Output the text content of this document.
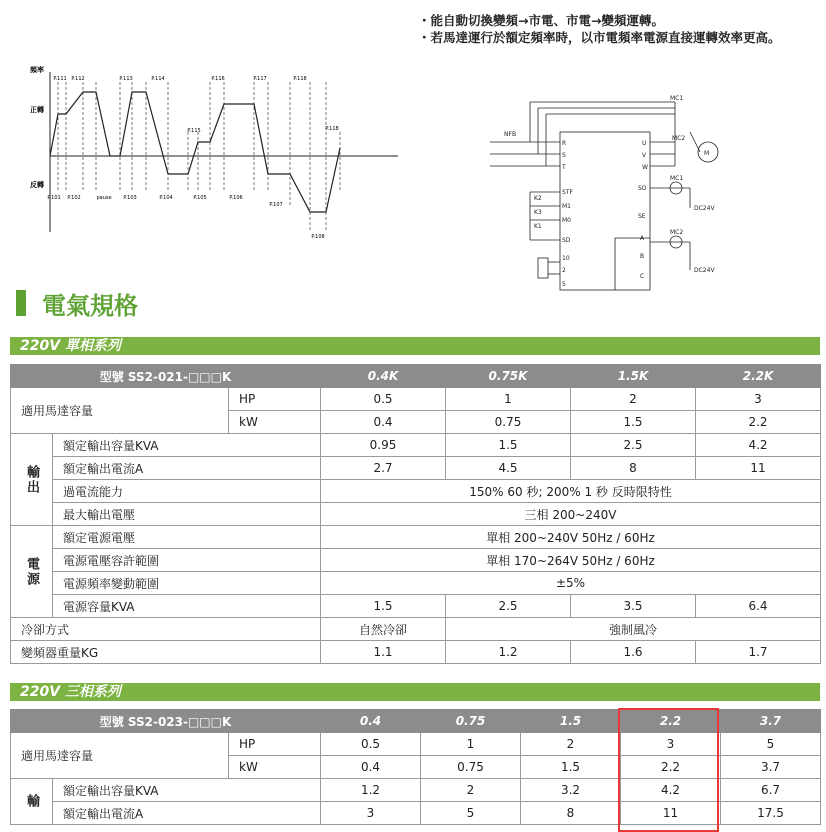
・能自動切換變頻→市電、市電→變頻運轉。
・若馬達運行於額定頻率時，以市電頻率電源直接運轉效率更高。
頻率
正轉
反轉
P.111 P.112	P.113	P.114
P.115
P.116	P.117	P.118
P.118
P.101 P.102	pause P.103	P.104	P.105	P.106
P.107
P.108
MC1
NFB
R
S
T
U
V
W
MC2
M
STF
K2
M1
K3
M0
K1
SD
SO
SE
DC24V
MC1
A
B
C
MC2
DC24V
10
2
5
電氣規格
220V 單相系列
型號 SS2-021-□□□K			0.4K	0.75K	1.5K	2.2K
適用馬達容量		HP	0.5	1	2	3
		kW	0.4	0.75	1.5	2.2
輸出	額定輸出容量KVA		0.95	1.5	2.5	4.2
	額定輸出電流A		2.7	4.5	8	11
	過電流能力		150% 60 秒; 200% 1 秒 反時限特性			
	最大輸出電壓		三相 200~240V			
電源	額定電源電壓		單相 200~240V 50Hz / 60Hz			
	電源電壓容許範圍		單相 170~264V 50Hz / 60Hz			
	電源頻率變動範圍		±5%			
	電源容量KVA		1.5	2.5	3.5	6.4
冷卻方式			自然冷卻	強制風冷		
變頻器重量KG			1.1	1.2	1.6	1.7
220V 三相系列
型號 SS2-023-□□□K			0.4	0.75	1.5	2.2	3.7
適用馬達容量		HP	0.5	1	2	3	5
		kW	0.4	0.75	1.5	2.2	3.7
輸	額定輸出容量KVA		1.2	2	3.2	4.2	6.7
	額定輸出電流A		3	5	8	11	17.5
